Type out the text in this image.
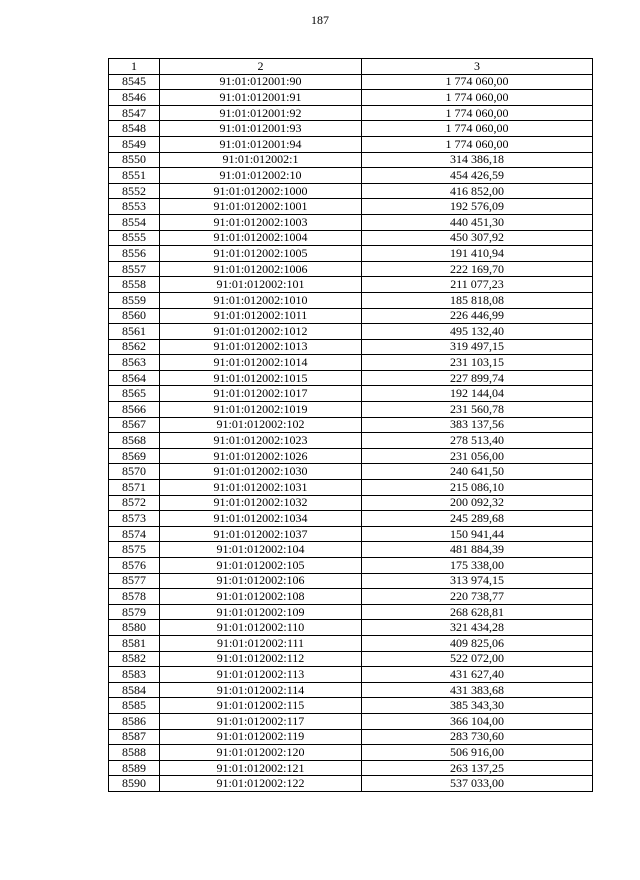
187
1	2	3
8545	91:01:012001:90	1 774 060,00
8546	91:01:012001:91	1 774 060,00
8547	91:01:012001:92	1 774 060,00
8548	91:01:012001:93	1 774 060,00
8549	91:01:012001:94	1 774 060,00
8550	91:01:012002:1	314 386,18
8551	91:01:012002:10	454 426,59
8552	91:01:012002:1000	416 852,00
8553	91:01:012002:1001	192 576,09
8554	91:01:012002:1003	440 451,30
8555	91:01:012002:1004	450 307,92
8556	91:01:012002:1005	191 410,94
8557	91:01:012002:1006	222 169,70
8558	91:01:012002:101	211 077,23
8559	91:01:012002:1010	185 818,08
8560	91:01:012002:1011	226 446,99
8561	91:01:012002:1012	495 132,40
8562	91:01:012002:1013	319 497,15
8563	91:01:012002:1014	231 103,15
8564	91:01:012002:1015	227 899,74
8565	91:01:012002:1017	192 144,04
8566	91:01:012002:1019	231 560,78
8567	91:01:012002:102	383 137,56
8568	91:01:012002:1023	278 513,40
8569	91:01:012002:1026	231 056,00
8570	91:01:012002:1030	240 641,50
8571	91:01:012002:1031	215 086,10
8572	91:01:012002:1032	200 092,32
8573	91:01:012002:1034	245 289,68
8574	91:01:012002:1037	150 941,44
8575	91:01:012002:104	481 884,39
8576	91:01:012002:105	175 338,00
8577	91:01:012002:106	313 974,15
8578	91:01:012002:108	220 738,77
8579	91:01:012002:109	268 628,81
8580	91:01:012002:110	321 434,28
8581	91:01:012002:111	409 825,06
8582	91:01:012002:112	522 072,00
8583	91:01:012002:113	431 627,40
8584	91:01:012002:114	431 383,68
8585	91:01:012002:115	385 343,30
8586	91:01:012002:117	366 104,00
8587	91:01:012002:119	283 730,60
8588	91:01:012002:120	506 916,00
8589	91:01:012002:121	263 137,25
8590	91:01:012002:122	537 033,00
